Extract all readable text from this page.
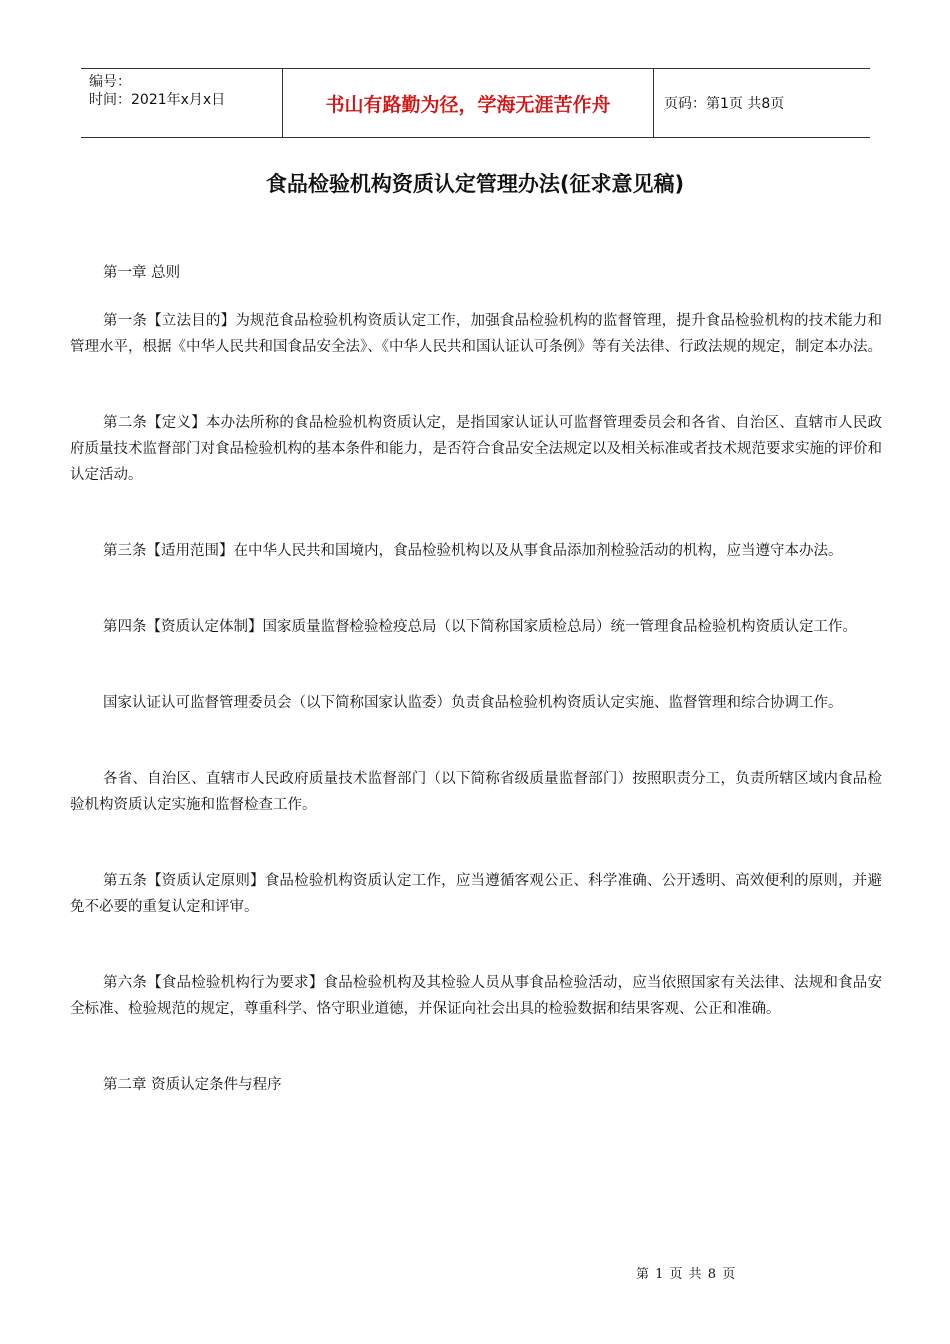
编号：
时间：2021年x月x日	书山有路勤为径，学海无涯苦作舟	页码：第1页 共8页
食品检验机构资质认定管理办法(征求意见稿)

第一章 总则

第一条【立法目的】为规范食品检验机构资质认定工作，加强食品检验机构的监督管理，提升食品检验机构的技术能力和管理水平，根据《中华人民共和国食品安全法》、《中华人民共和国认证认可条例》等有关法律、行政法规的规定，制定本办法。

第二条【定义】本办法所称的食品检验机构资质认定，是指国家认证认可监督管理委员会和各省、自治区、直辖市人民政府质量技术监督部门对食品检验机构的基本条件和能力，是否符合食品安全法规定以及相关标准或者技术规范要求实施的评价和认定活动。

第三条【适用范围】在中华人民共和国境内，食品检验机构以及从事食品添加剂检验活动的机构，应当遵守本办法。

第四条【资质认定体制】国家质量监督检验检疫总局（以下简称国家质检总局）统一管理食品检验机构资质认定工作。

国家认证认可监督管理委员会（以下简称国家认监委）负责食品检验机构资质认定实施、监督管理和综合协调工作。

各省、自治区、直辖市人民政府质量技术监督部门（以下简称省级质量监督部门）按照职责分工，负责所辖区域内食品检验机构资质认定实施和监督检查工作。

第五条【资质认定原则】食品检验机构资质认定工作，应当遵循客观公正、科学准确、公开透明、高效便利的原则，并避免不必要的重复认定和评审。

第六条【食品检验机构行为要求】食品检验机构及其检验人员从事食品检验活动，应当依照国家有关法律、法规和食品安全标准、检验规范的规定，尊重科学、恪守职业道德，并保证向社会出具的检验数据和结果客观、公正和准确。

第二章 资质认定条件与程序

第 1 页 共 8 页
